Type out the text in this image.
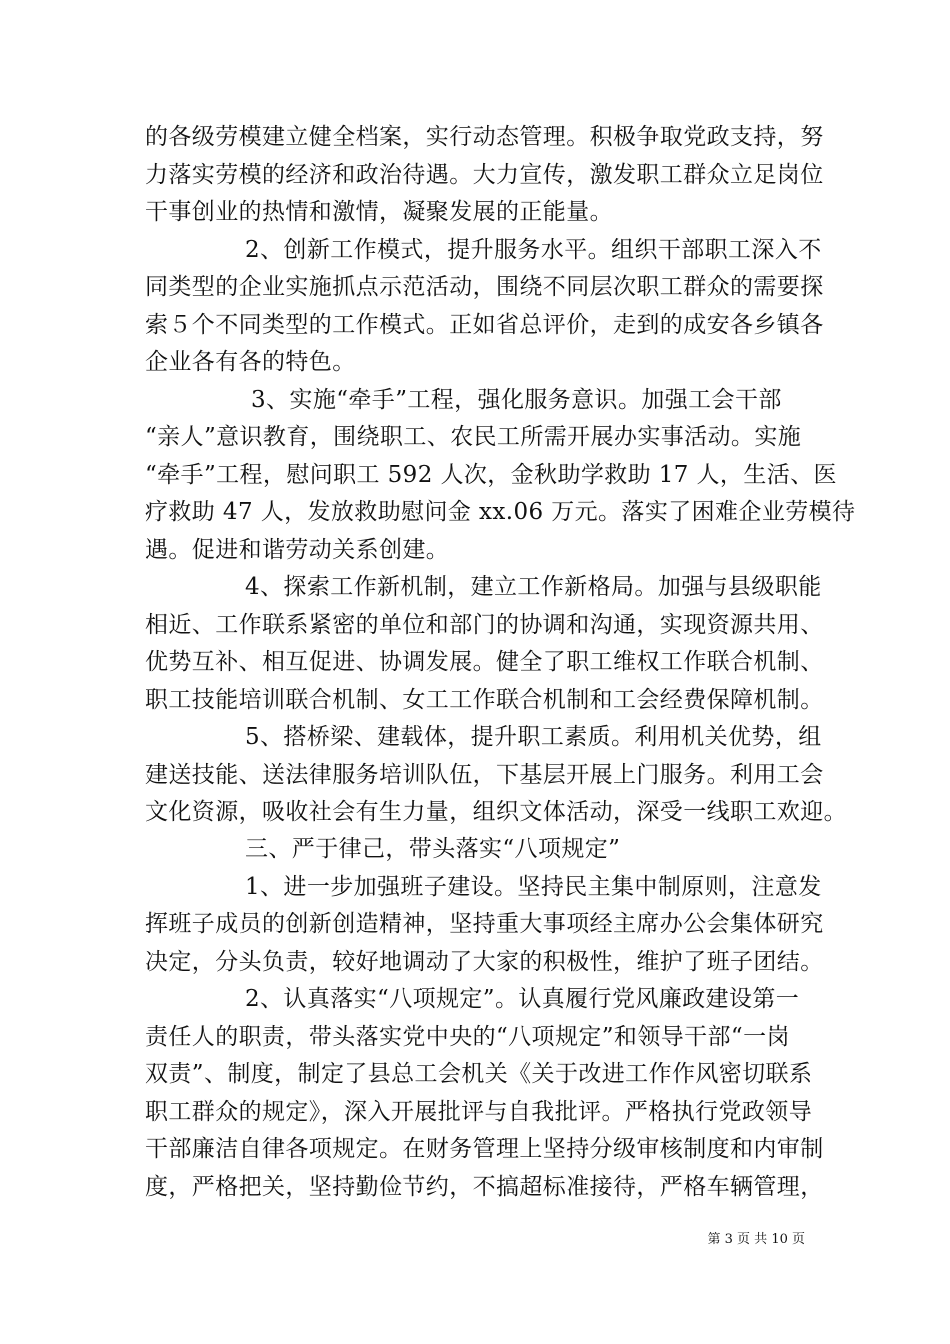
的各级劳模建立健全档案，实行动态管理。积极争取党政支持，努
力落实劳模的经济和政治待遇。大力宣传，激发职工群众立足岗位
干事创业的热情和激情，凝聚发展的正能量。
2、创新工作模式，提升服务水平。组织干部职工深入不
同类型的企业实施抓点示范活动，围绕不同层次职工群众的需要探
索５个不同类型的工作模式。正如省总评价，走到的成安各乡镇各
企业各有各的特色。
3、实施“牵手”工程，强化服务意识。加强工会干部
“亲人”意识教育，围绕职工、农民工所需开展办实事活动。实施
“牵手”工程，慰问职工 592 人次，金秋助学救助 17 人，生活、医
疗救助 47 人，发放救助慰问金 xx.06 万元。落实了困难企业劳模待
遇。促进和谐劳动关系创建。
4、探索工作新机制，建立工作新格局。加强与县级职能
相近、工作联系紧密的单位和部门的协调和沟通，实现资源共用、
优势互补、相互促进、协调发展。健全了职工维权工作联合机制、
职工技能培训联合机制、女工工作联合机制和工会经费保障机制。
5、搭桥梁、建载体，提升职工素质。利用机关优势，组
建送技能、送法律服务培训队伍，下基层开展上门服务。利用工会
文化资源，吸收社会有生力量，组织文体活动，深受一线职工欢迎。
三、严于律己，带头落实“八项规定”
1、进一步加强班子建设。坚持民主集中制原则，注意发
挥班子成员的创新创造精神，坚持重大事项经主席办公会集体研究
决定，分头负责，较好地调动了大家的积极性，维护了班子团结。
2、认真落实“八项规定”。认真履行党风廉政建设第一
责任人的职责，带头落实党中央的“八项规定”和领导干部“一岗
双责”、制度，制定了县总工会机关《关于改进工作作风密切联系
职工群众的规定》，深入开展批评与自我批评。严格执行党政领导
干部廉洁自律各项规定。在财务管理上坚持分级审核制度和内审制
度，严格把关，坚持勤俭节约，不搞超标准接待，严格车辆管理，
第 3 页 共 10 页
